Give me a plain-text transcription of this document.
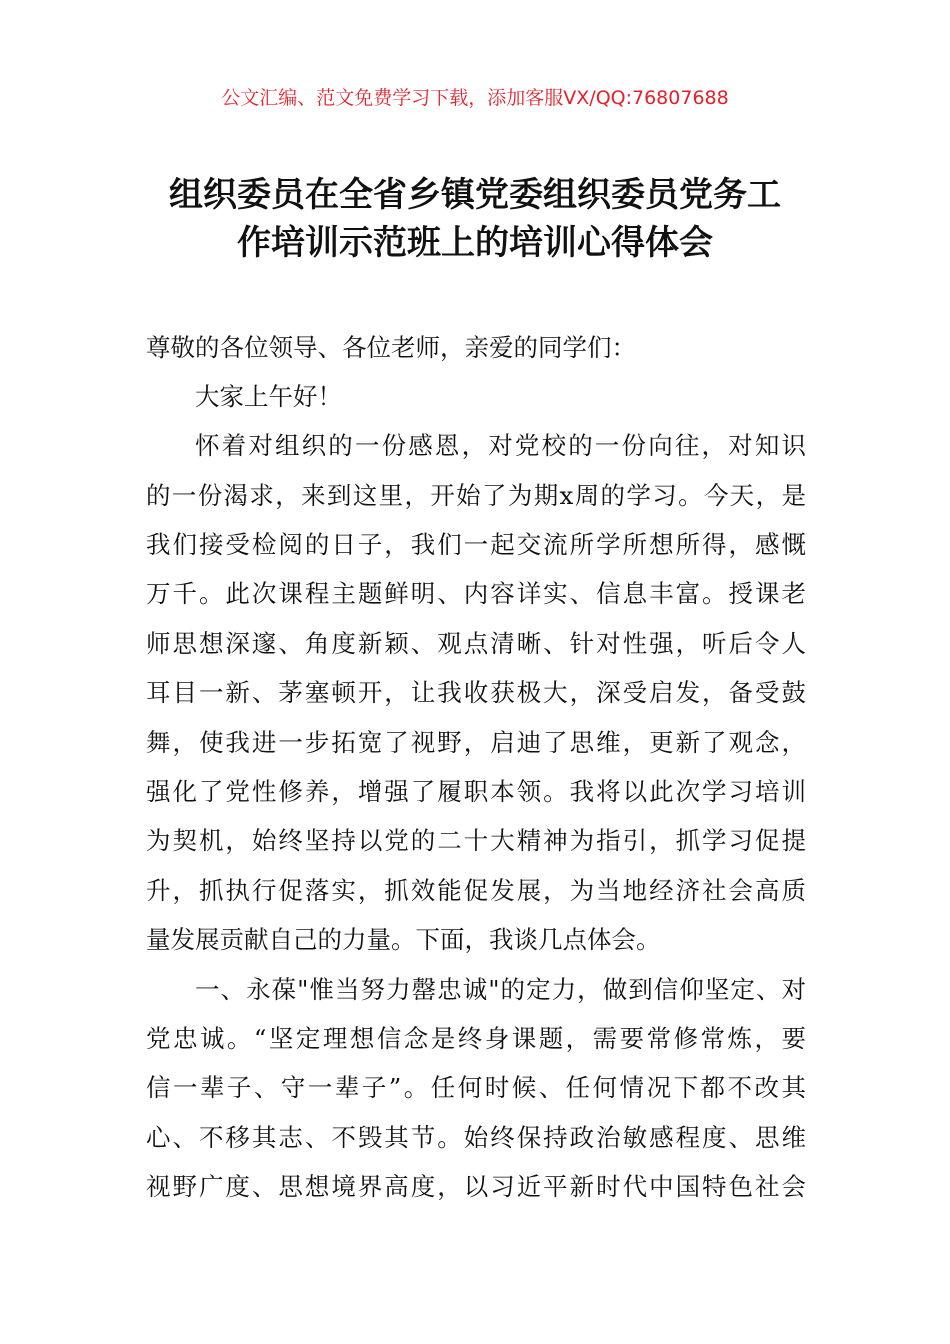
公文汇编、范文免费学习下载，添加客服VX/QQ:76807688
组织委员在全省乡镇党委组织委员党务工
作培训示范班上的培训心得体会
尊敬的各位领导、各位老师，亲爱的同学们：
大家上午好！
怀着对组织的一份感恩，对党校的一份向往，对知识
的一份渴求，来到这里，开始了为期x周的学习。今天，是
我们接受检阅的日子，我们一起交流所学所想所得，感慨
万千。此次课程主题鲜明、内容详实、信息丰富。授课老
师思想深邃、角度新颖、观点清晰、针对性强，听后令人
耳目一新、茅塞顿开，让我收获极大，深受启发，备受鼓
舞，使我进一步拓宽了视野，启迪了思维，更新了观念，
强化了党性修养，增强了履职本领。我将以此次学习培训
为契机，始终坚持以党的二十大精神为指引，抓学习促提
升，抓执行促落实，抓效能促发展，为当地经济社会高质
量发展贡献自己的力量。下面，我谈几点体会。
一、永葆"惟当努力罄忠诚"的定力，做到信仰坚定、对
党忠诚。“坚定理想信念是终身课题，需要常修常炼，要
信一辈子、守一辈子”。任何时候、任何情况下都不改其
心、不移其志、不毁其节。始终保持政治敏感程度、思维
视野广度、思想境界高度，以习近平新时代中国特色社会
